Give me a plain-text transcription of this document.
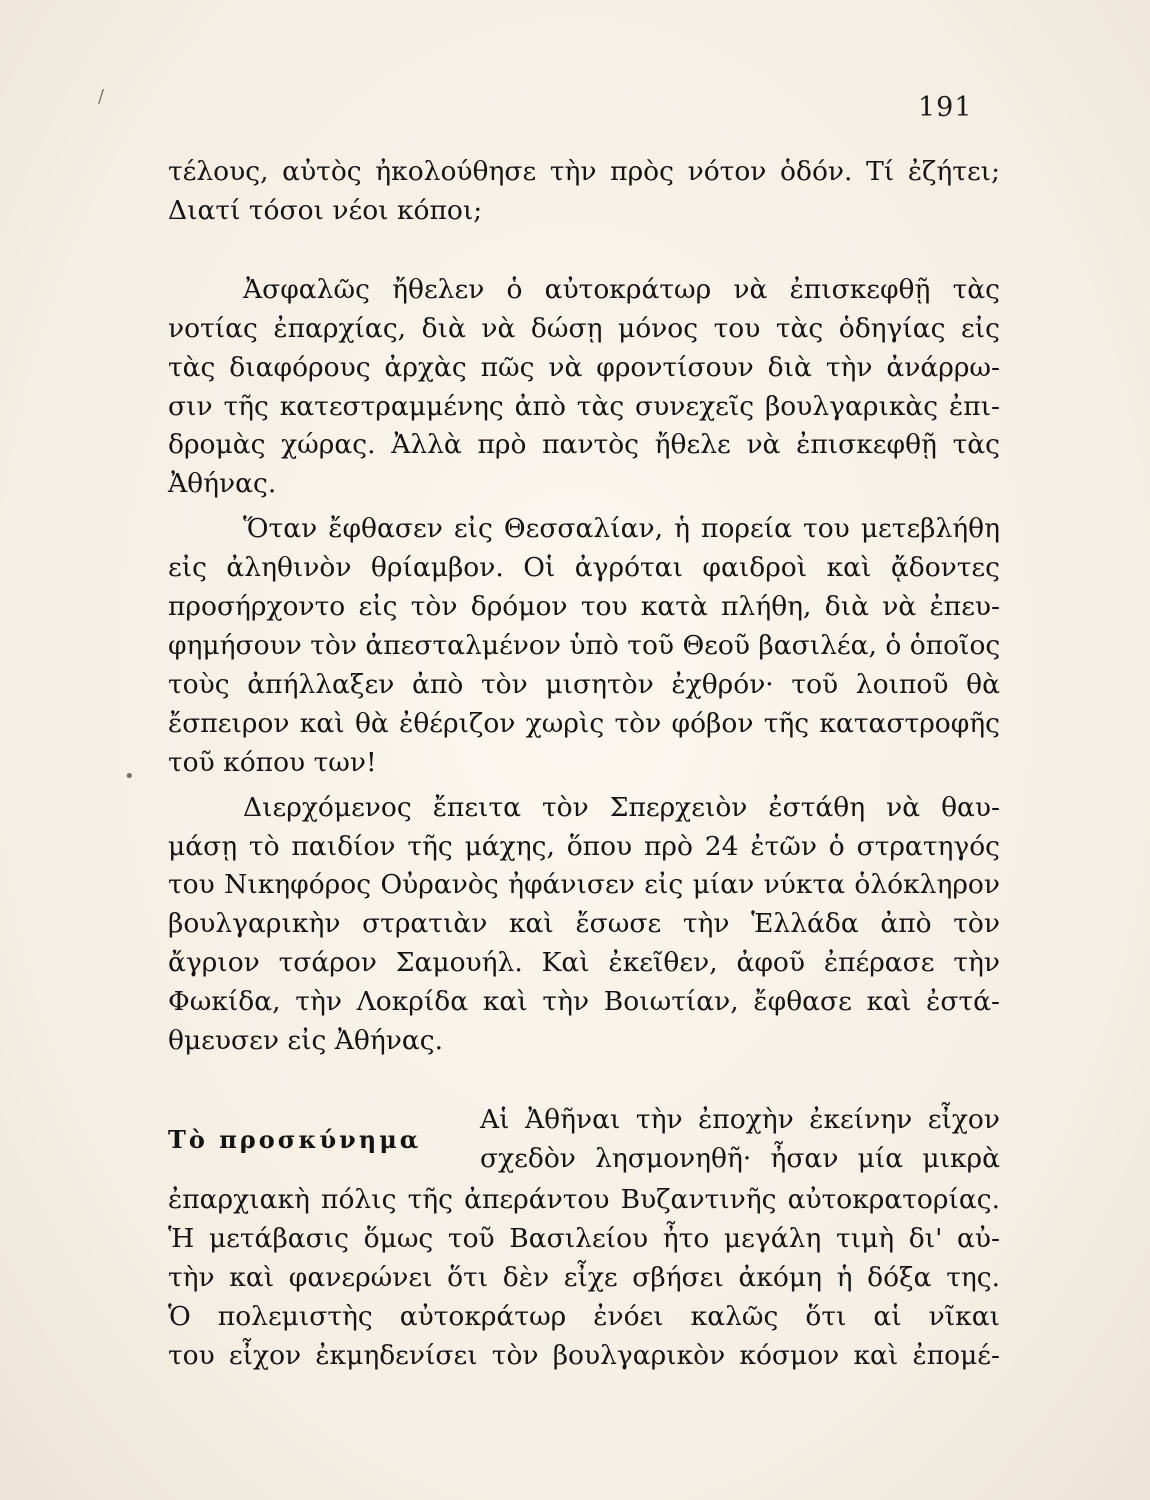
191
/
•
τέλους, αὐτὸς ἠκολούθησε τὴν πρὸς νότον ὁδόν. Τί ἐζήτει;
Διατί τόσοι νέοι κόποι;
Ἀσφαλῶς ἤθελεν ὁ αὐτοκράτωρ νὰ ἐπισκεφθῇ τὰς
νοτίας ἐπαρχίας, διὰ νὰ δώσῃ μόνος του τὰς ὁδηγίας εἰς
τὰς διαφόρους ἀρχὰς πῶς νὰ φροντίσουν διὰ τὴν ἀνάρρω-
σιν τῆς κατεστραμμένης ἀπὸ τὰς συνεχεῖς βουλγαρικὰς ἐπι-
δρομὰς χώρας. Ἀλλὰ πρὸ παντὸς ἤθελε νὰ ἐπισκεφθῇ τὰς
Ἀθήνας.
Ὅταν ἔφθασεν εἰς Θεσσαλίαν, ἡ πορεία του μετεβλήθη
εἰς ἀληθινὸν θρίαμβον. Οἱ ἀγρόται φαιδροὶ καὶ ᾄδοντες
προσήρχοντο εἰς τὸν δρόμον του κατὰ πλήθη, διὰ νὰ ἐπευ-
φημήσουν τὸν ἀπεσταλμένον ὑπὸ τοῦ Θεοῦ βασιλέα, ὁ ὁποῖος
τοὺς ἀπήλλαξεν ἀπὸ τὸν μισητὸν ἐχθρόν· τοῦ λοιποῦ θὰ
ἔσπειρον καὶ θὰ ἐθέριζον χωρὶς τὸν φόβον τῆς καταστροφῆς
τοῦ κόπου των!
Διερχόμενος ἔπειτα τὸν Σπερχειὸν ἐστάθη νὰ θαυ-
μάσῃ τὸ παιδίον τῆς μάχης, ὅπου πρὸ 24 ἐτῶν ὁ στρατηγός
του Νικηφόρος Οὐρανὸς ἠφάνισεν εἰς μίαν νύκτα ὁλόκληρον
βουλγαρικὴν στρατιὰν καὶ ἔσωσε τὴν Ἑλλάδα ἀπὸ τὸν
ἄγριον τσάρον Σαμουήλ. Καὶ ἐκεῖθεν, ἀφοῦ ἐπέρασε τὴν
Φωκίδα, τὴν Λοκρίδα καὶ τὴν Βοιωτίαν, ἔφθασε καὶ ἐστά-
θμευσεν εἰς Ἀθήνας.
Τὸ προσκύνημα
Αἱ Ἀθῆναι τὴν ἐποχὴν ἐκείνην εἶχον
σχεδὸν λησμονηθῆ· ἦσαν μία μικρὰ
ἐπαρχιακὴ πόλις τῆς ἀπεράντου Βυζαντινῆς αὐτοκρατορίας.
Ἡ μετάβασις ὅμως τοῦ Βασιλείου ἦτο μεγάλη τιμὴ δι' αὐ-
τὴν καὶ φανερώνει ὅτι δὲν εἶχε σβήσει ἀκόμη ἡ δόξα της.
Ὁ πολεμιστὴς αὐτοκράτωρ ἐνόει καλῶς ὅτι αἱ νῖκαι
του εἶχον ἐκμηδενίσει τὸν βουλγαρικὸν κόσμον καὶ ἐπομέ-
